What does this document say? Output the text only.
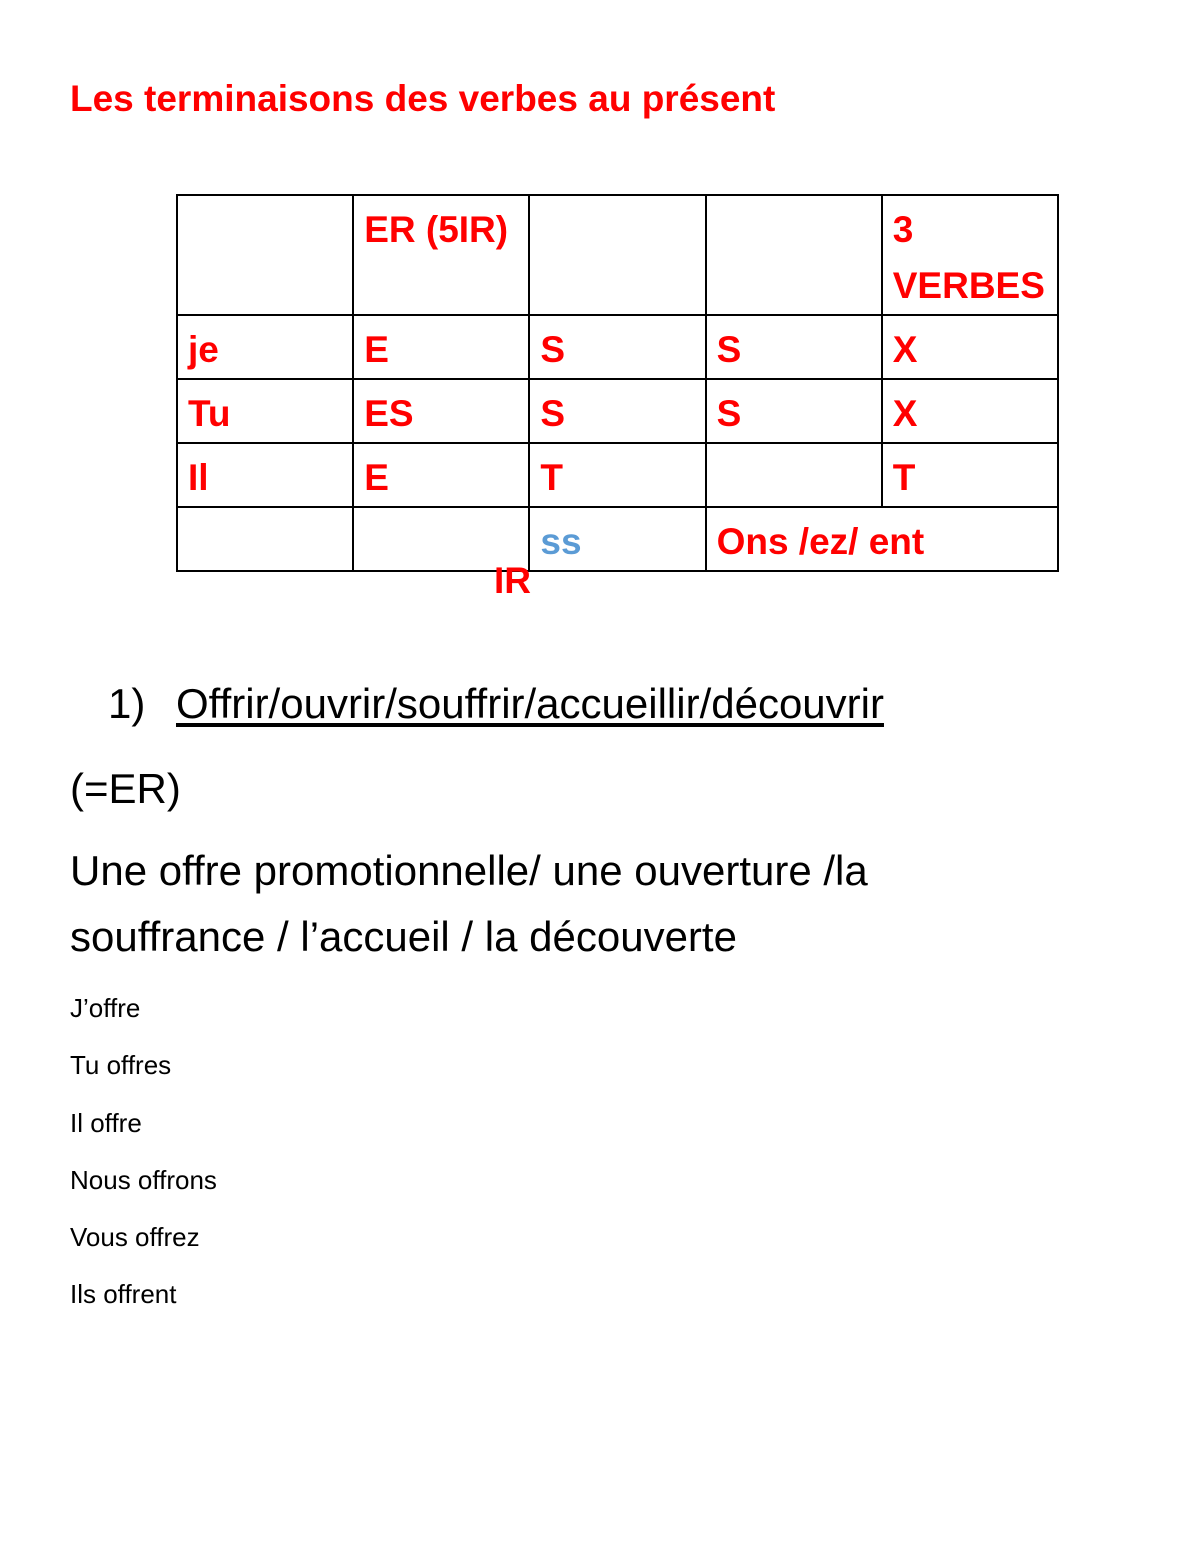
Les terminaisons des verbes au présent
	ER (5IR)			3 VERBES
je	E	S	S	X
Tu	ES	S	S	X
Il	E	T		T
		ss	Ons /ez/ ent	
IR
1) Offrir/ouvrir/souffrir/accueillir/découvrir
(=ER)
Une offre promotionnelle/ une ouverture /la souffrance / l’accueil / la découverte
J’offre
Tu offres
Il offre
Nous offrons
Vous offrez
Ils offrent
